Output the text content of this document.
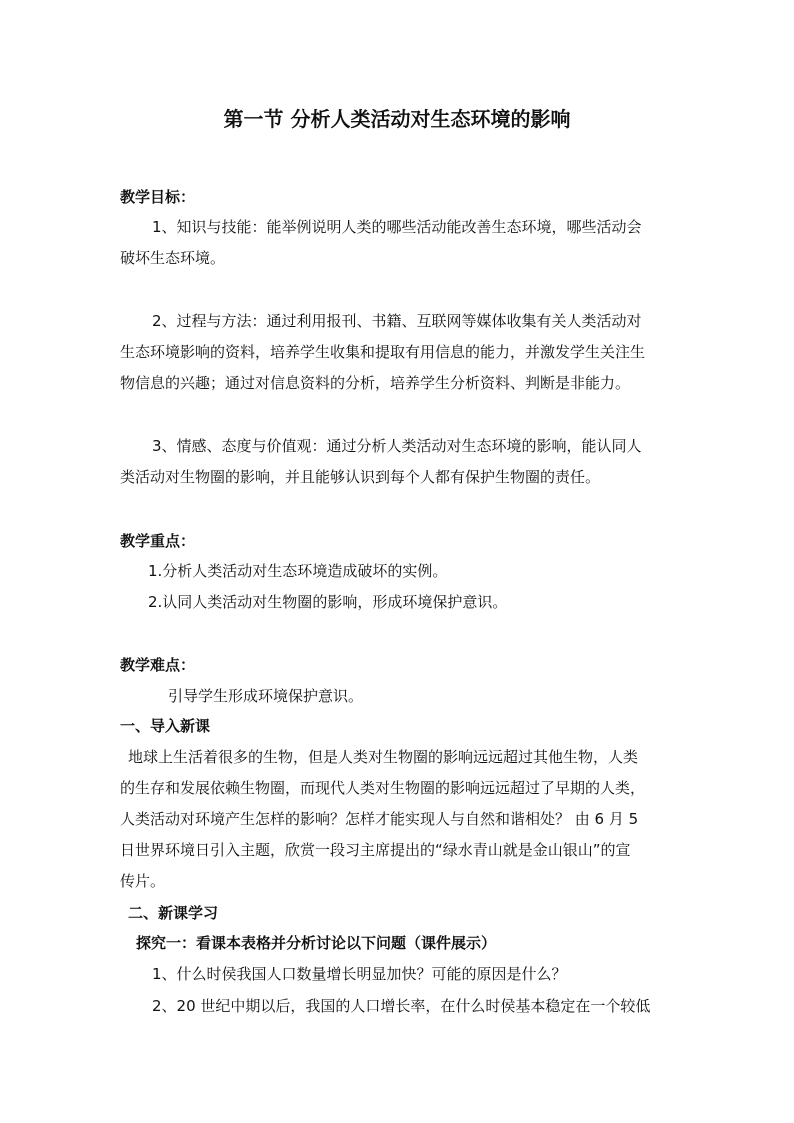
第一节 分析人类活动对生态环境的影响
教学目标：
1、知识与技能：能举例说明人类的哪些活动能改善生态环境，哪些活动会
破坏生态环境。
2、过程与方法：通过利用报刊、书籍、互联网等媒体收集有关人类活动对
生态环境影响的资料，培养学生收集和提取有用信息的能力，并激发学生关注生
物信息的兴趣；通过对信息资料的分析，培养学生分析资料、判断是非能力。
3、情感、态度与价值观：通过分析人类活动对生态环境的影响，能认同人
类活动对生物圈的影响，并且能够认识到每个人都有保护生物圈的责任。
教学重点：
1.分析人类活动对生态环境造成破坏的实例。
2.认同人类活动对生物圈的影响，形成环境保护意识。
教学难点：
引导学生形成环境保护意识。
一、导入新课
地球上生活着很多的生物，但是人类对生物圈的影响远远超过其他生物，人类
的生存和发展依赖生物圈，而现代人类对生物圈的影响远远超过了早期的人类，
人类活动对环境产生怎样的影响？怎样才能实现人与自然和谐相处？ 由 6 月 5
日世界环境日引入主题，欣赏一段习主席提出的“绿水青山就是金山银山”的宣
传片。
二、新课学习
探究一：看课本表格并分析讨论以下问题（课件展示）
1、什么时侯我国人口数量增长明显加快？可能的原因是什么？
2、20 世纪中期以后，我国的人口增长率，在什么时侯基本稳定在一个较低
